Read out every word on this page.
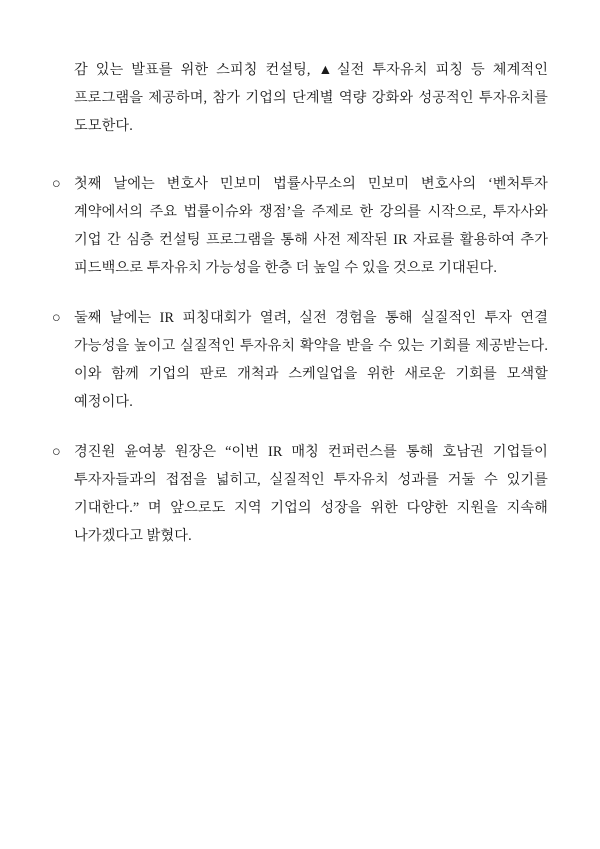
감 있는 발표를 위한 스피칭 컨설팅, ▲실전 투자유치 피칭 등 체계적인 프로그램을 제공하며, 참가 기업의 단계별 역량 강화와 성공적인 투자유치를 도모한다.
○ 첫째 날에는 변호사 민보미 법률사무소의 민보미 변호사의 ‘벤처투자 계약에서의 주요 법률이슈와 쟁점’을 주제로 한 강의를 시작으로, 투자사와 기업 간 심층 컨설팅 프로그램을 통해 사전 제작된 IR 자료를 활용하여 추가 피드백으로 투자유치 가능성을 한층 더 높일 수 있을 것으로 기대된다.
○ 둘째 날에는 IR 피칭대회가 열려, 실전 경험을 통해 실질적인 투자 연결 가능성을 높이고 실질적인 투자유치 확약을 받을 수 있는 기회를 제공받는다. 이와 함께 기업의 판로 개척과 스케일업을 위한 새로운 기회를 모색할 예정이다.
○ 경진원 윤여봉 원장은 “이번 IR 매칭 컨퍼런스를 통해 호남권 기업들이 투자자들과의 접점을 넓히고, 실질적인 투자유치 성과를 거둘 수 있기를 기대한다.” 며 앞으로도 지역 기업의 성장을 위한 다양한 지원을 지속해 나가겠다고 밝혔다.
